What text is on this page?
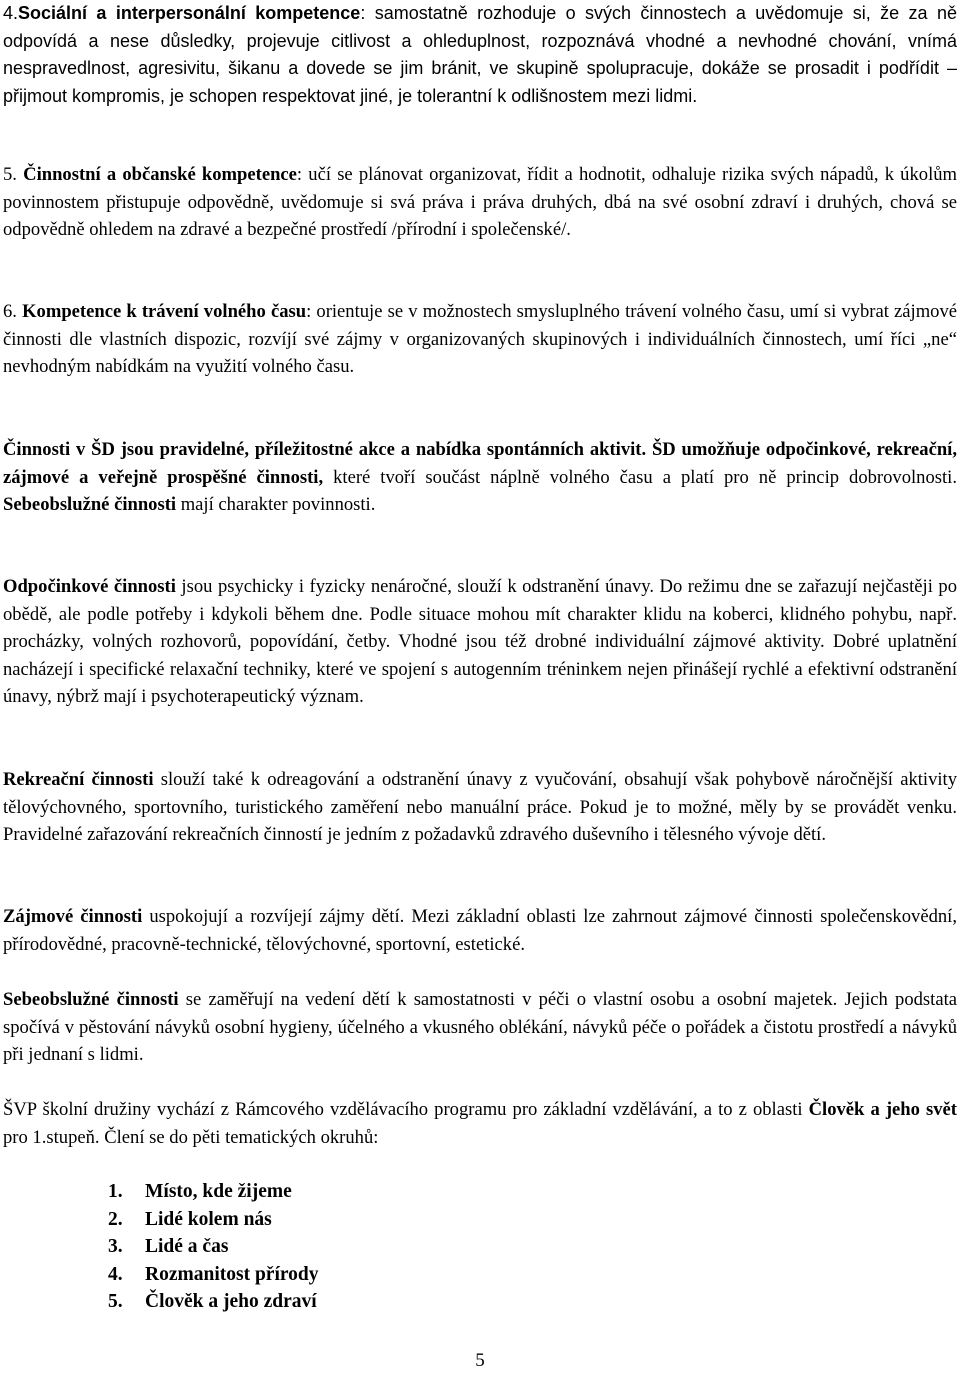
4.Sociální a interpersonální kompetence: samostatně rozhoduje o svých činnostech a uvědomuje si, že za ně odpovídá a nese důsledky, projevuje citlivost a ohleduplnost, rozpoznává vhodné a nevhodné chování, vnímá nespravedlnost, agresivitu, šikanu a dovede se jim bránit, ve skupině spolupracuje, dokáže se prosadit i podřídit – přijmout kompromis, je schopen respektovat jiné, je tolerantní k odlišnostem mezi lidmi.

5. Činnostní a občanské kompetence: učí se plánovat organizovat, řídit a hodnotit, odhaluje rizika svých nápadů, k úkolům povinnostem přistupuje odpovědně, uvědomuje si svá práva i práva druhých, dbá na své osobní zdraví i druhých, chová se odpovědně ohledem na zdravé a bezpečné prostředí /přírodní i společenské/.

6. Kompetence k trávení volného času: orientuje se v možnostech smysluplného trávení volného času, umí si vybrat zájmové činnosti dle vlastních dispozic, rozvíjí své zájmy v organizovaných skupinových i individuálních činnostech, umí říci „ne“ nevhodným nabídkám na využití volného času.

Činnosti v ŠD jsou pravidelné, příležitostné akce a nabídka spontánních aktivit. ŠD umožňuje odpočinkové, rekreační, zájmové a veřejně prospěšné činnosti, které tvoří součást náplně volného času a platí pro ně princip dobrovolnosti. Sebeobslužné činnosti mají charakter povinnosti.

Odpočinkové činnosti jsou psychicky i fyzicky nenáročné, slouží k odstranění únavy. Do režimu dne se zařazují nejčastěji po obědě, ale podle potřeby i kdykoli během dne. Podle situace mohou mít charakter klidu na koberci, klidného pohybu, např. procházky, volných rozhovorů, popovídání, četby. Vhodné jsou též drobné individuální zájmové aktivity. Dobré uplatnění nacházejí i specifické relaxační techniky, které ve spojení s autogenním tréninkem nejen přinášejí rychlé a efektivní odstranění únavy, nýbrž mají i psychoterapeutický význam.

Rekreační činnosti slouží také k odreagování a odstranění únavy z vyučování, obsahují však pohybově náročnější aktivity tělovýchovného, sportovního, turistického zaměření nebo manuální práce. Pokud je to možné, měly by se provádět venku. Pravidelné zařazování rekreačních činností je jedním z požadavků zdravého duševního i tělesného vývoje dětí.

Zájmové činnosti uspokojují a rozvíjejí zájmy dětí. Mezi základní oblasti lze zahrnout zájmové činnosti společenskovědní, přírodovědné, pracovně-technické, tělovýchovné, sportovní, estetické.

Sebeobslužné činnosti se zaměřují na vedení dětí k samostatnosti v péči o vlastní osobu a osobní majetek. Jejich podstata spočívá v pěstování návyků osobní hygieny, účelného a vkusného oblékání, návyků péče o pořádek a čistotu prostředí a návyků při jednaní s lidmi.

ŠVP školní družiny vychází z Rámcového vzdělávacího programu pro základní vzdělávání, a to z oblasti Člověk a jeho svět pro 1.stupeň. Člení se do pěti tematických okruhů:

1. Místo, kde žijeme
2. Lidé kolem nás
3. Lidé a čas
4. Rozmanitost přírody
5. Člověk a jeho zdraví
5
